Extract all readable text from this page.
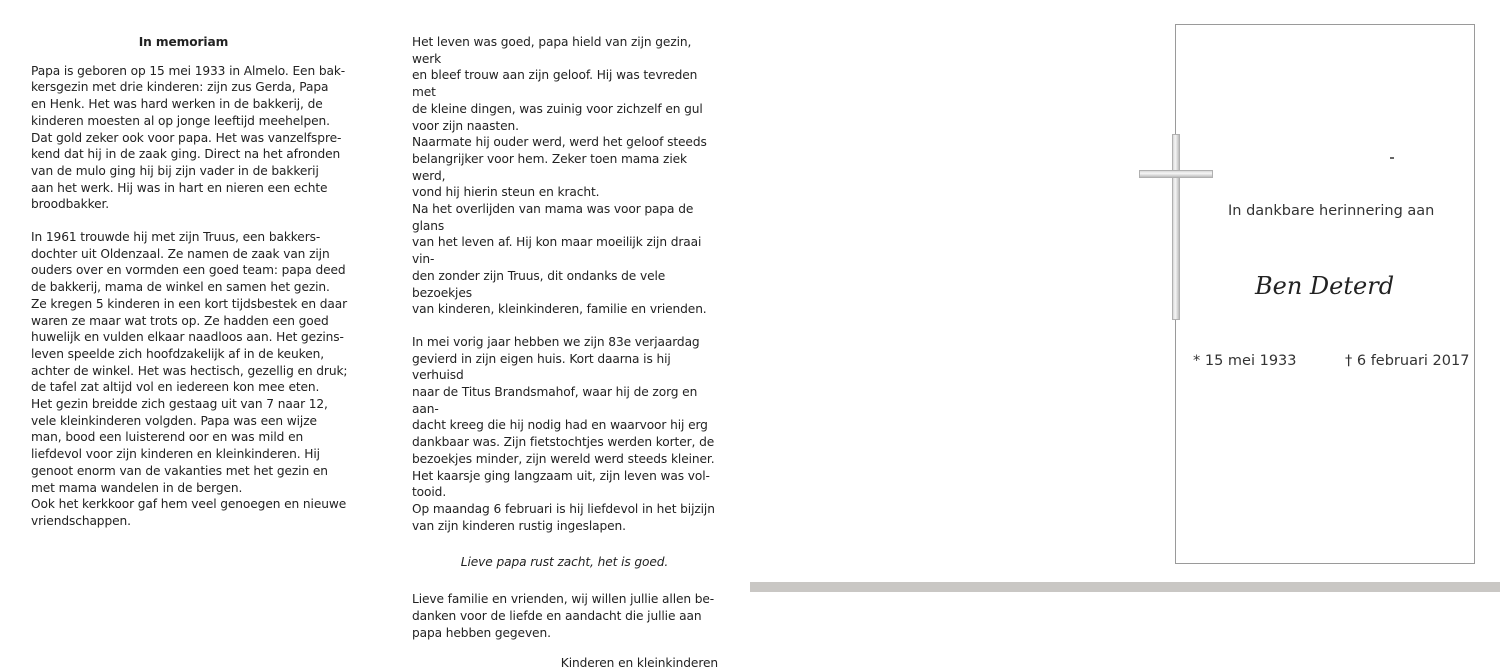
In memoriam

Papa is geboren op 15 mei 1933 in Almelo. Een bak-
kersgezin met drie kinderen: zijn zus Gerda, Papa
en Henk. Het was hard werken in de bakkerij, de
kinderen moesten al op jonge leeftijd meehelpen.
Dat gold zeker ook voor papa. Het was vanzelfspre-
kend dat hij in de zaak ging. Direct na het afronden
van de mulo ging hij bij zijn vader in de bakkerij
aan het werk. Hij was in hart en nieren een echte
broodbakker.

In 1961 trouwde hij met zijn Truus, een bakkers-
dochter uit Oldenzaal. Ze namen de zaak van zijn
ouders over en vormden een goed team: papa deed
de bakkerij, mama de winkel en samen het gezin.
Ze kregen 5 kinderen in een kort tijdsbestek en daar
waren ze maar wat trots op. Ze hadden een goed
huwelijk en vulden elkaar naadloos aan. Het gezins-
leven speelde zich hoofdzakelijk af in de keuken,
achter de winkel. Het was hectisch, gezellig en druk;
de tafel zat altijd vol en iedereen kon mee eten.
Het gezin breidde zich gestaag uit van 7 naar 12,
vele kleinkinderen volgden. Papa was een wijze
man, bood een luisterend oor en was mild en
liefdevol voor zijn kinderen en kleinkinderen. Hij
genoot enorm van de vakanties met het gezin en
met mama wandelen in de bergen.
Ook het kerkkoor gaf hem veel genoegen en nieuwe
vriendschappen.

Het leven was goed, papa hield van zijn gezin, werk
en bleef trouw aan zijn geloof. Hij was tevreden met
de kleine dingen, was zuinig voor zichzelf en gul
voor zijn naasten.
Naarmate hij ouder werd, werd het geloof steeds
belangrijker voor hem. Zeker toen mama ziek werd,
vond hij hierin steun en kracht.
Na het overlijden van mama was voor papa de glans
van het leven af. Hij kon maar moeilijk zijn draai vin-
den zonder zijn Truus, dit ondanks de vele bezoekjes
van kinderen, kleinkinderen, familie en vrienden.

In mei vorig jaar hebben we zijn 83e verjaardag
gevierd in zijn eigen huis. Kort daarna is hij verhuisd
naar de Titus Brandsmahof, waar hij de zorg en aan-
dacht kreeg die hij nodig had en waarvoor hij erg
dankbaar was. Zijn fietstochtjes werden korter, de
bezoekjes minder, zijn wereld werd steeds kleiner.
Het kaarsje ging langzaam uit, zijn leven was vol-
tooid.
Op maandag 6 februari is hij liefdevol in het bijzijn
van zijn kinderen rustig ingeslapen.

Lieve papa rust zacht, het is goed.

Lieve familie en vrienden, wij willen jullie allen be-
danken voor de liefde en aandacht die jullie aan
papa hebben gegeven.

Kinderen en kleinkinderen

In dankbare herinnering aan
Ben Deterd
* 15 mei 1933	† 6 februari 2017
